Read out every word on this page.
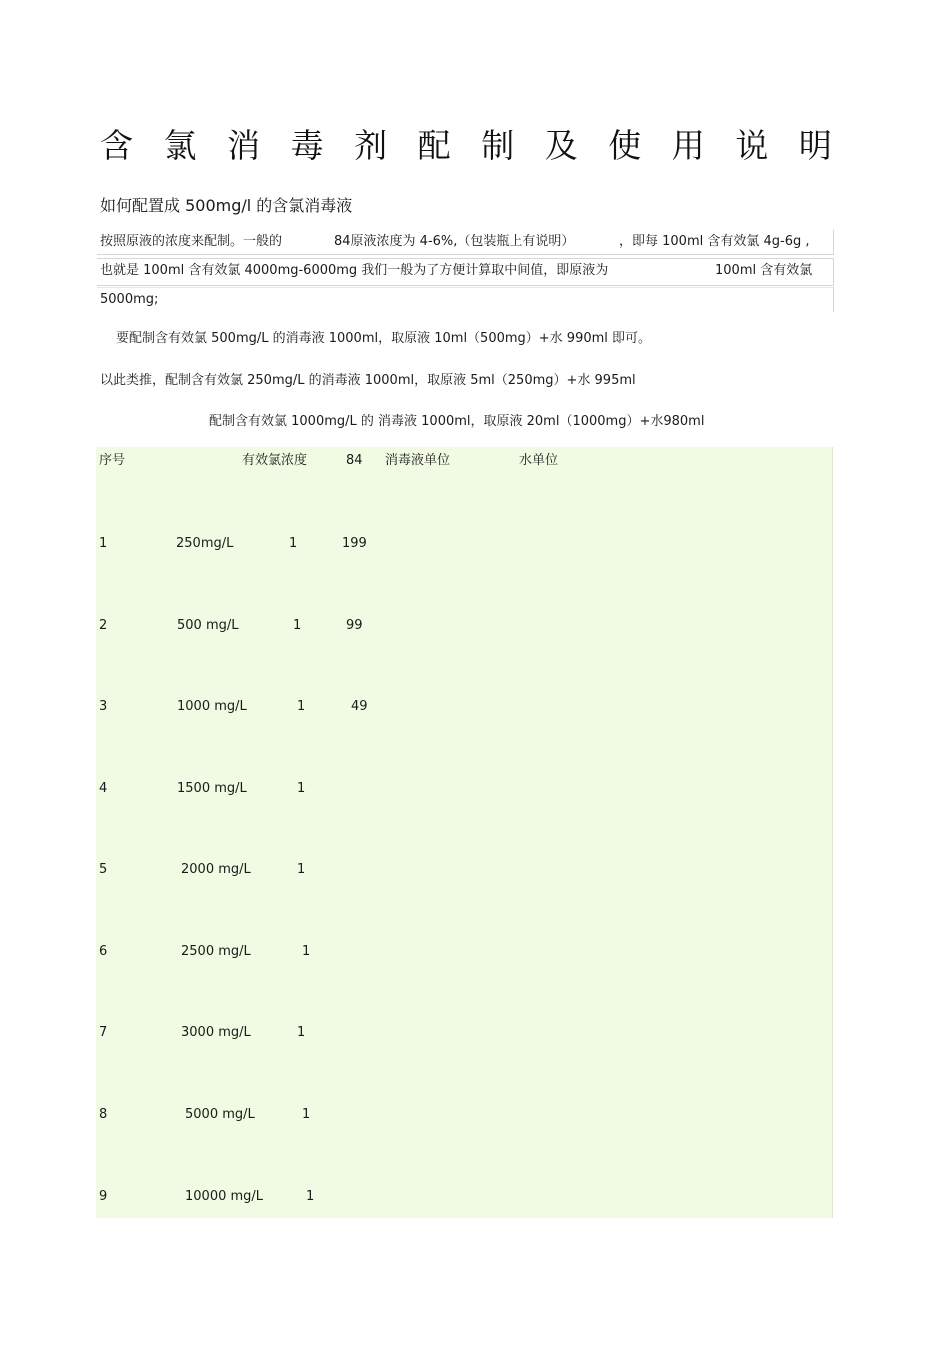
含 氯 消 毒 剂 配 制 及 使 用 说 明
如何配置成 500mg/l 的含氯消毒液
按照原液的浓度来配制。一般的	84原液浓度为 4-6%,（包装瓶上有说明）	，即每 100ml 含有效氯 4g-6g ,
也就是 100ml 含有效氯 4000mg-6000mg 我们一般为了方便计算取中间值，即原液为	100ml 含有效氯
5000mg;
要配制含有效氯 500mg/L 的消毒液 1000ml，取原液 10ml（500mg）+水 990ml 即可。
以此类推，配制含有效氯 250mg/L 的消毒液 1000ml，取原液 5ml（250mg）+水 995ml
配制含有效氯 1000mg/L 的 消毒液 1000ml，取原液 20ml（1000mg）+水980ml
序号	有效氯浓度	84 消毒液单位	水单位
1	250mg/L	1	199
2	500 mg/L	1	99
3	1000 mg/L	1	49
4	1500 mg/L	1
5	2000 mg/L	1
6	2500 mg/L	1
7	3000 mg/L	1
8	5000 mg/L	1
9	10000 mg/L	1
